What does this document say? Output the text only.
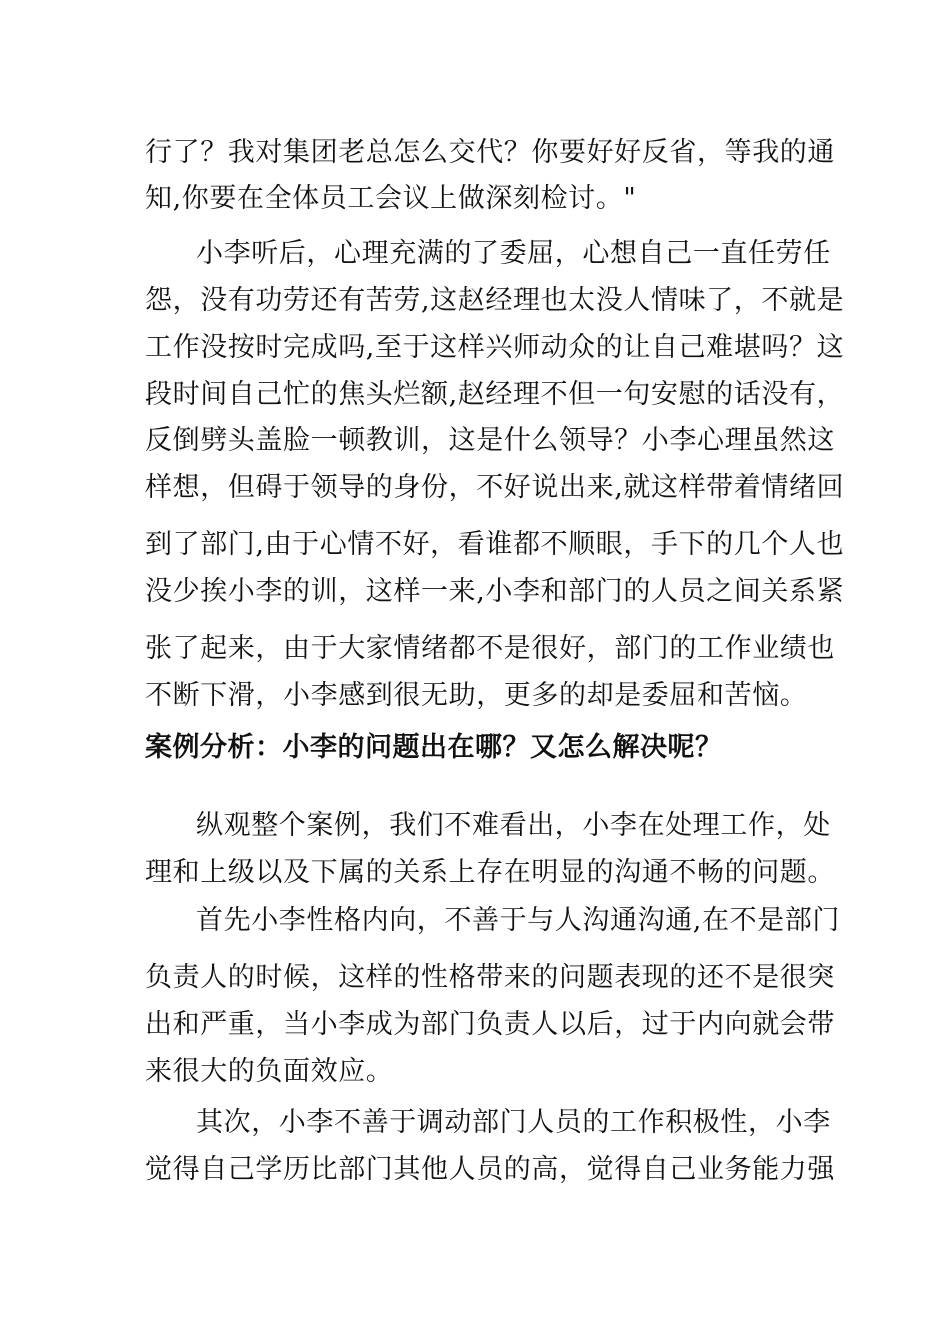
行了？我对集团老总怎么交代？你要好好反省，等我的通
知,你要在全体员工会议上做深刻检讨。"
小李听后，心理充满的了委屈，心想自己一直任劳任
怨，没有功劳还有苦劳,这赵经理也太没人情味了，不就是
工作没按时完成吗,至于这样兴师动众的让自己难堪吗？这
段时间自己忙的焦头烂额,赵经理不但一句安慰的话没有，
反倒劈头盖脸一顿教训，这是什么领导？小李心理虽然这
样想，但碍于领导的身份，不好说出来,就这样带着情绪回
到了部门,由于心情不好，看谁都不顺眼，手下的几个人也
没少挨小李的训，这样一来,小李和部门的人员之间关系紧
张了起来，由于大家情绪都不是很好，部门的工作业绩也
不断下滑，小李感到很无助，更多的却是委屈和苦恼。
案例分析：小李的问题出在哪？又怎么解决呢？
纵观整个案例，我们不难看出，小李在处理工作，处
理和上级以及下属的关系上存在明显的沟通不畅的问题。
首先小李性格内向，不善于与人沟通沟通,在不是部门
负责人的时候，这样的性格带来的问题表现的还不是很突
出和严重，当小李成为部门负责人以后，过于内向就会带
来很大的负面效应。
其次，小李不善于调动部门人员的工作积极性，小李
觉得自己学历比部门其他人员的高，觉得自己业务能力强
